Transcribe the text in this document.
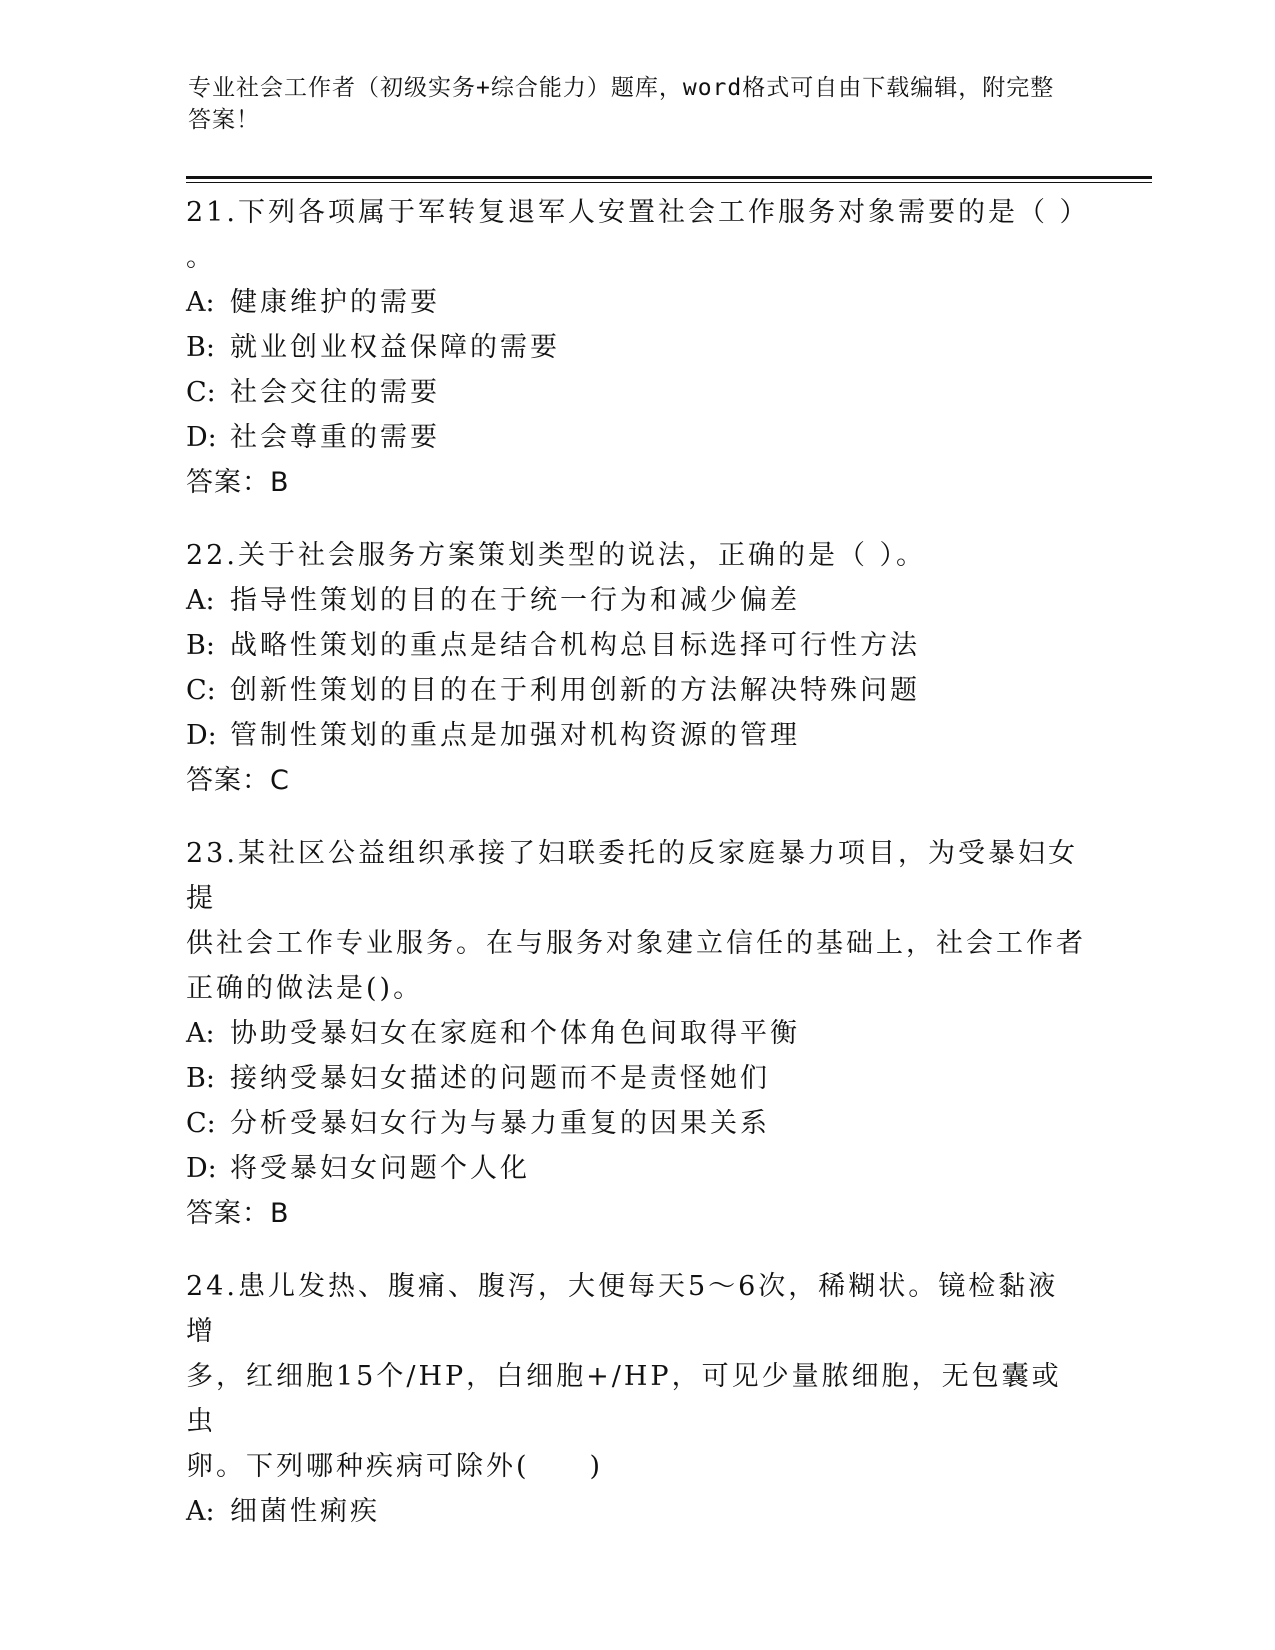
专业社会工作者（初级实务+综合能力）题库，word格式可自由下载编辑，附完整
答案！

21.下列各项属于军转复退军人安置社会工作服务对象需要的是（ ）

。

A: 健康维护的需要

B: 就业创业权益保障的需要

C: 社会交往的需要

D: 社会尊重的需要

答案：B

22.关于社会服务方案策划类型的说法，正确的是（ ）。

A: 指导性策划的目的在于统一行为和减少偏差

B: 战略性策划的重点是结合机构总目标选择可行性方法

C: 创新性策划的目的在于利用创新的方法解决特殊问题

D: 管制性策划的重点是加强对机构资源的管理

答案：C

23.某社区公益组织承接了妇联委托的反家庭暴力项目，为受暴妇女提

供社会工作专业服务。在与服务对象建立信任的基础上，社会工作者

正确的做法是()。

A: 协助受暴妇女在家庭和个体角色间取得平衡

B: 接纳受暴妇女描述的问题而不是责怪她们

C: 分析受暴妇女行为与暴力重复的因果关系

D: 将受暴妇女问题个人化

答案：B

24.患儿发热、腹痛、腹泻，大便每天5～6次，稀糊状。镜检黏液增

多，红细胞15个/HP，白细胞+/HP，可见少量脓细胞，无包囊或虫

卵。下列哪种疾病可除外(　　)

A: 细菌性痢疾
